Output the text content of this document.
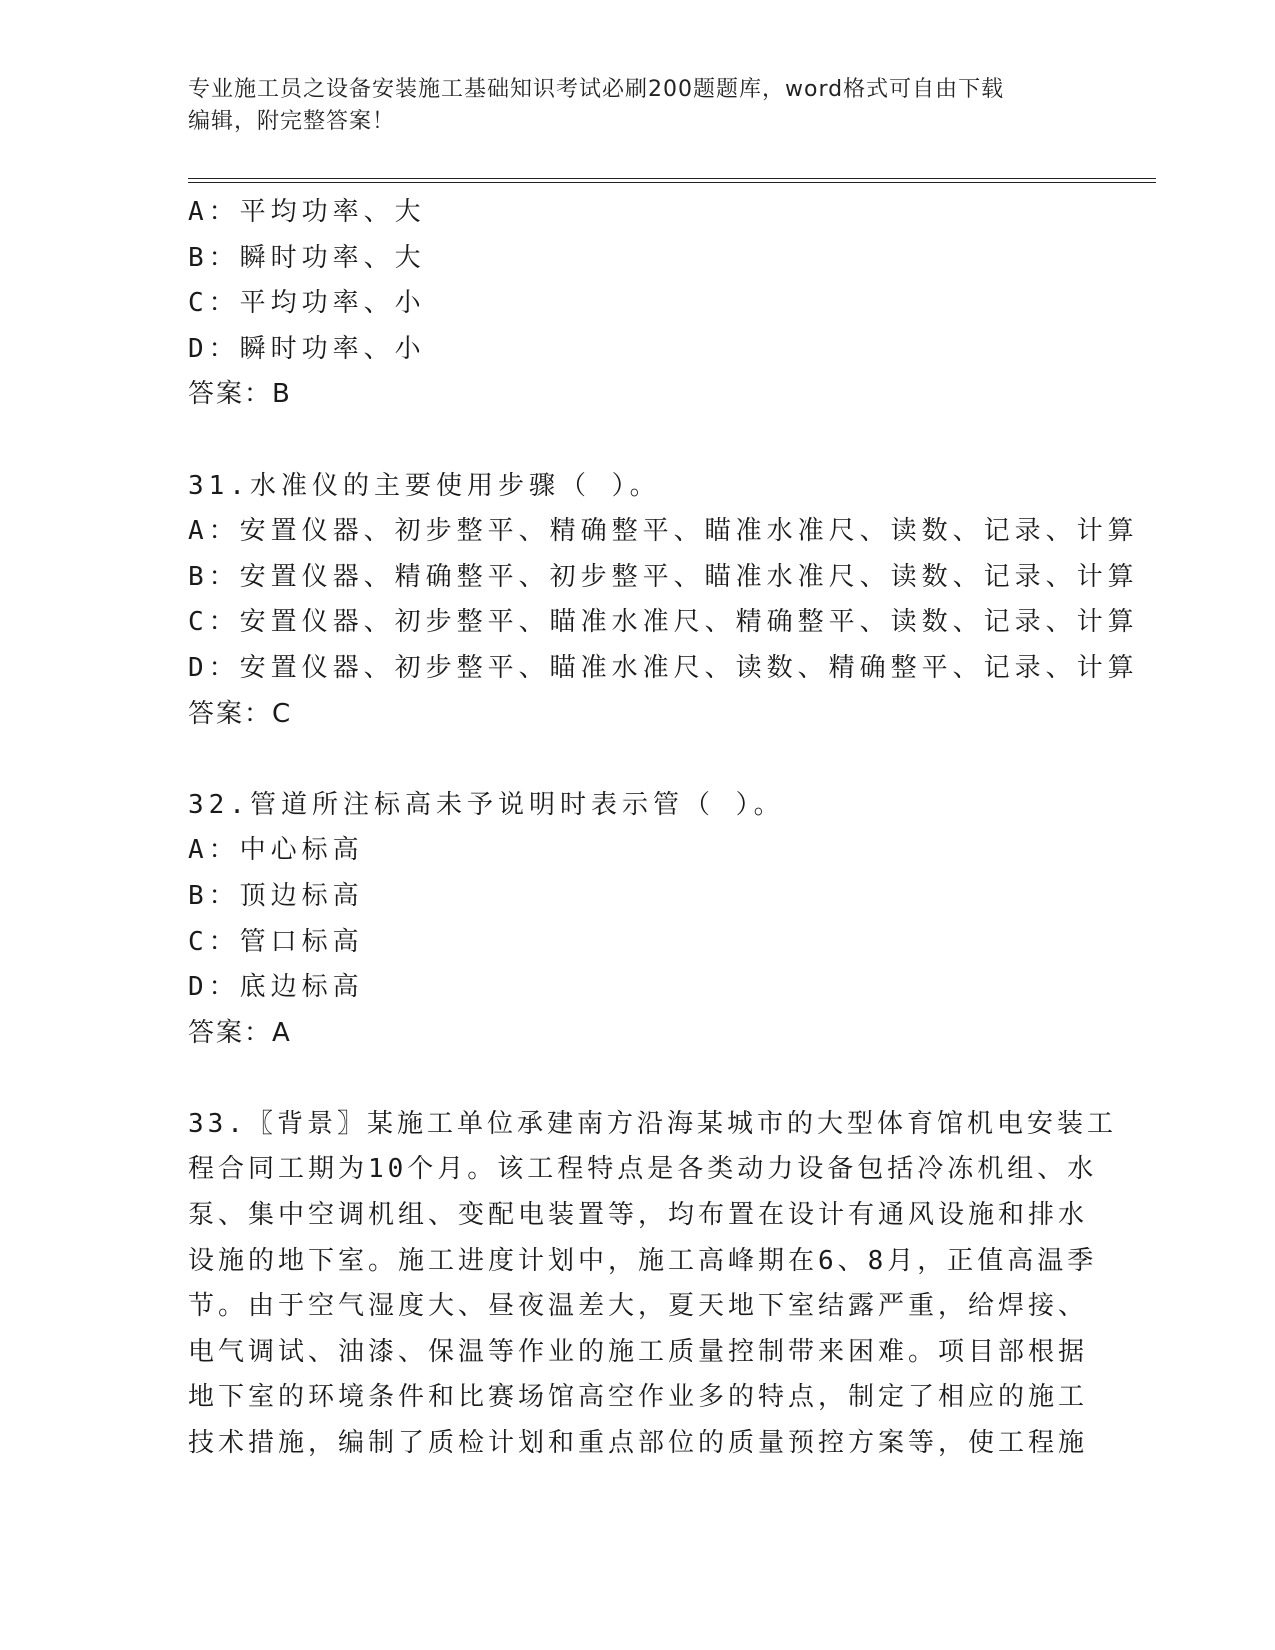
专业施工员之设备安装施工基础知识考试必刷200题题库，word格式可自由下载
编辑，附完整答案！
A：平均功率、大
B：瞬时功率、大
C：平均功率、小
D：瞬时功率、小
答案：B
31.水准仪的主要使用步骤（ ）。
A：安置仪器、初步整平、精确整平、瞄准水准尺、读数、记录、计算
B：安置仪器、精确整平、初步整平、瞄准水准尺、读数、记录、计算
C：安置仪器、初步整平、瞄准水准尺、精确整平、读数、记录、计算
D：安置仪器、初步整平、瞄准水准尺、读数、精确整平、记录、计算
答案：C
32.管道所注标高未予说明时表示管（ ）。
A：中心标高
B：顶边标高
C：管口标高
D：底边标高
答案：A
33.〖背景〗某施工单位承建南方沿海某城市的大型体育馆机电安装工
程合同工期为10个月。该工程特点是各类动力设备包括冷冻机组、水
泵、集中空调机组、变配电装置等，均布置在设计有通风设施和排水
设施的地下室。施工进度计划中，施工高峰期在6、8月，正值高温季
节。由于空气湿度大、昼夜温差大，夏天地下室结露严重，给焊接、
电气调试、油漆、保温等作业的施工质量控制带来困难。项目部根据
地下室的环境条件和比赛场馆高空作业多的特点，制定了相应的施工
技术措施，编制了质检计划和重点部位的质量预控方案等，使工程施
